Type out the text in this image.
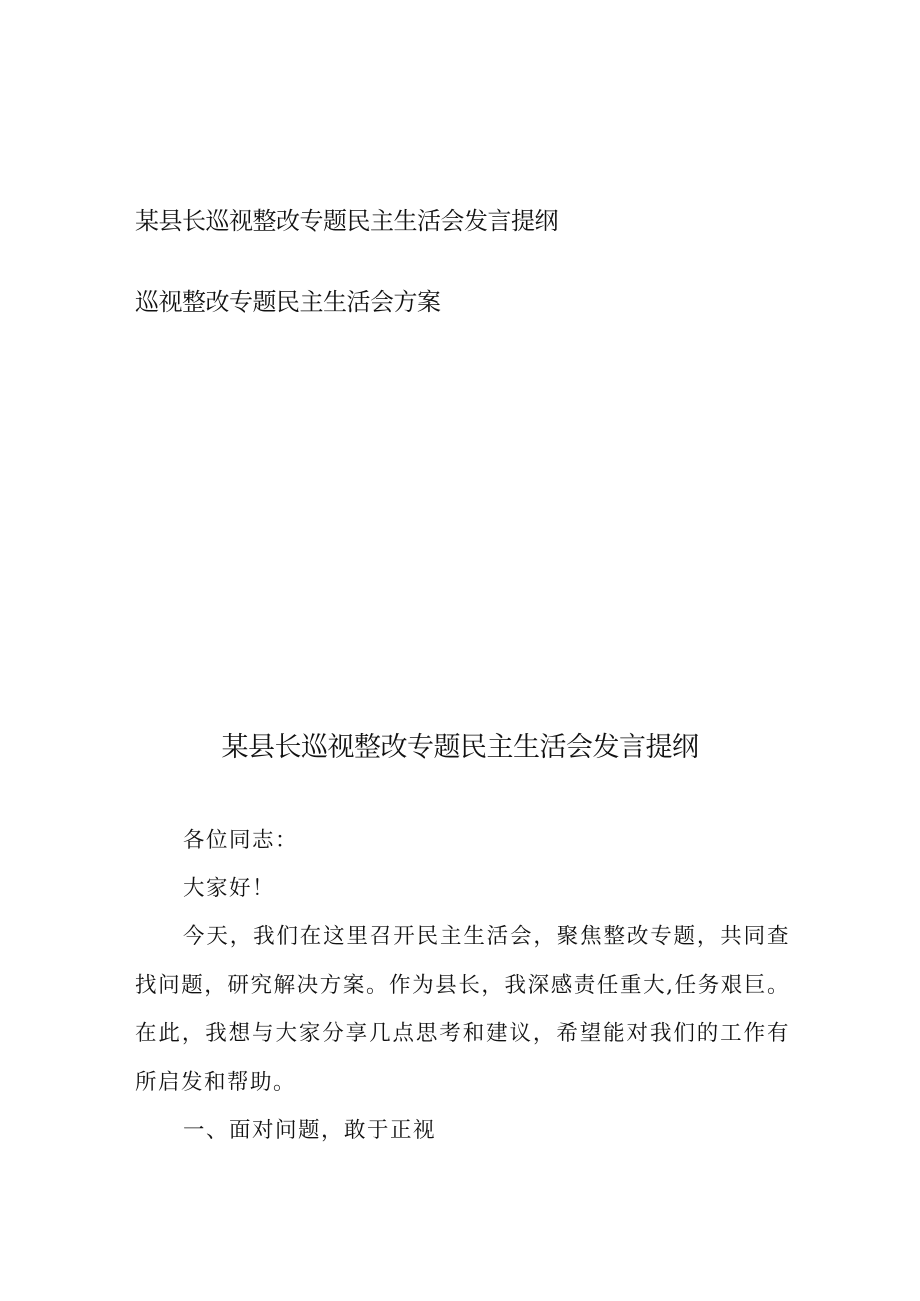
某县长巡视整改专题民主生活会发言提纲
巡视整改专题民主生活会方案
某县长巡视整改专题民主生活会发言提纲
各位同志：
大家好！
今天，我们在这里召开民主生活会，聚焦整改专题，共同查找问题，研究解决方案。作为县长，我深感责任重大,任务艰巨。在此，我想与大家分享几点思考和建议，希望能对我们的工作有所启发和帮助。
一、面对问题，敢于正视
